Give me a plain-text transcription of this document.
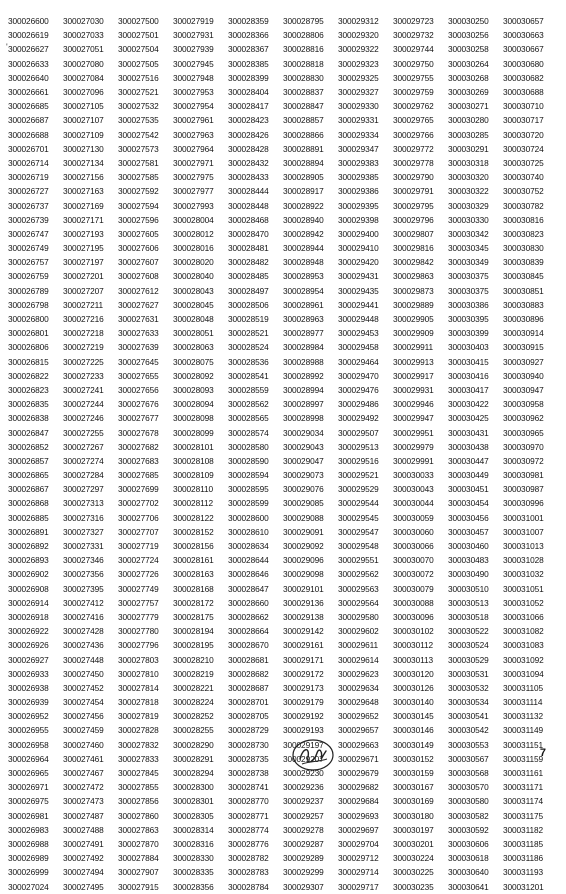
'
300026600	300027030	300027500	300027919	300028359	300028795	300029312	300029723	300030250	300030657
300026619	300027033	300027501	300027931	300028366	300028806	300029320	300029732	300030256	300030663
300026627	300027051	300027504	300027939	300028367	300028816	300029322	300029744	300030258	300030667
300026633	300027080	300027505	300027945	300028385	300028818	300029323	300029750	300030264	300030680
300026640	300027084	300027516	300027948	300028399	300028830	300029325	300029755	300030268	300030682
300026661	300027096	300027521	300027953	300028404	300028837	300029327	300029759	300030269	300030688
300026685	300027105	300027532	300027954	300028417	300028847	300029330	300029762	300030271	300030710
300026687	300027107	300027535	300027961	300028423	300028857	300029331	300029765	300030280	300030717
300026688	300027109	300027542	300027963	300028426	300028866	300029334	300029766	300030285	300030720
300026701	300027130	300027573	300027964	300028428	300028891	300029347	300029772	300030291	300030724
300026714	300027134	300027581	300027971	300028432	300028894	300029383	300029778	300030318	300030725
300026719	300027156	300027585	300027975	300028433	300028905	300029385	300029790	300030320	300030740
300026727	300027163	300027592	300027977	300028444	300028917	300029386	300029791	300030322	300030752
300026737	300027169	300027594	300027993	300028448	300028922	300029395	300029795	300030329	300030782
300026739	300027171	300027596	300028004	300028468	300028940	300029398	300029796	300030330	300030816
300026747	300027193	300027605	300028012	300028470	300028942	300029400	300029807	300030342	300030823
300026749	300027195	300027606	300028016	300028481	300028944	300029410	300029816	300030345	300030830
300026757	300027197	300027607	300028020	300028482	300028948	300029420	300029842	300030349	300030839
300026759	300027201	300027608	300028040	300028485	300028953	300029431	300029863	300030375	300030845
300026789	300027207	300027612	300028043	300028497	300028954	300029435	300029873	300030375	300030851
300026798	300027211	300027627	300028045	300028506	300028961	300029441	300029889	300030386	300030883
300026800	300027216	300027631	300028048	300028519	300028963	300029448	300029905	300030395	300030896
300026801	300027218	300027633	300028051	300028521	300028977	300029453	300029909	300030399	300030914
300026806	300027219	300027639	300028063	300028524	300028984	300029458	300029911	300030403	300030915
300026815	300027225	300027645	300028075	300028536	300028988	300029464	300029913	300030415	300030927
300026822	300027233	300027655	300028092	300028541	300028992	300029470	300029917	300030416	300030940
300026823	300027241	300027656	300028093	300028559	300028994	300029476	300029931	300030417	300030947
300026835	300027244	300027676	300028094	300028562	300028997	300029486	300029946	300030422	300030958
300026838	300027246	300027677	300028098	300028565	300028998	300029492	300029947	300030425	300030962
300026847	300027255	300027678	300028099	300028574	300029034	300029507	300029951	300030431	300030965
300026852	300027267	300027682	300028101	300028580	300029043	300029513	300029979	300030438	300030970
300026857	300027274	300027683	300028108	300028590	300029047	300029516	300029991	300030447	300030972
300026865	300027284	300027685	300028109	300028594	300029073	300029521	300030033	300030449	300030981
300026867	300027297	300027699	300028110	300028595	300029076	300029529	300030043	300030451	300030987
300026868	300027313	300027702	300028112	300028599	300029085	300029544	300030044	300030454	300030996
300026885	300027316	300027706	300028122	300028600	300029088	300029545	300030059	300030456	300031001
300026891	300027327	300027707	300028152	300028610	300029091	300029547	300030060	300030457	300031007
300026892	300027331	300027719	300028156	300028634	300029092	300029548	300030066	300030460	300031013
300026893	300027346	300027724	300028161	300028644	300029096	300029551	300030070	300030483	300031028
300026902	300027356	300027726	300028163	300028646	300029098	300029562	300030072	300030490	300031032
300026908	300027395	300027749	300028168	300028647	300029101	300029563	300030079	300030510	300031051
300026914	300027412	300027757	300028172	300028660	300029136	300029564	300030088	300030513	300031052
300026918	300027416	300027779	300028175	300028662	300029138	300029580	300030096	300030518	300031066
300026922	300027428	300027780	300028194	300028664	300029142	300029602	300030102	300030522	300031082
300026926	300027436	300027796	300028195	300028670	300029161	300029611	300030112	300030524	300031083
300026927	300027448	300027803	300028210	300028681	300029171	300029614	300030113	300030529	300031092
300026933	300027450	300027810	300028219	300028682	300029172	300029623	300030120	300030531	300031094
300026938	300027452	300027814	300028221	300028687	300029173	300029634	300030126	300030532	300031105
300026939	300027454	300027818	300028224	300028701	300029179	300029648	300030140	300030534	300031114
300026952	300027456	300027819	300028252	300028705	300029192	300029652	300030145	300030541	300031132
300026955	300027459	300027828	300028255	300028729	300029193	300029657	300030146	300030542	300031149
300026958	300027460	300027832	300028290	300028730	300029197	300029663	300030149	300030553	300031151
300026964	300027461	300027833	300028291	300028735	300029207	300029671	300030152	300030567	300031159
300026965	300027467	300027845	300028294	300028738	300029230	300029679	300030159	300030568	300031161
300026971	300027472	300027855	300028300	300028741	300029236	300029682	300030167	300030570	300031171
300026975	300027473	300027856	300028301	300028770	300029237	300029684	300030169	300030580	300031174
300026981	300027487	300027860	300028305	300028771	300029257	300029693	300030180	300030582	300031175
300026983	300027488	300027863	300028314	300028774	300029278	300029697	300030197	300030592	300031182
300026988	300027491	300027870	300028316	300028776	300029287	300029704	300030201	300030606	300031185
300026989	300027492	300027884	300028330	300028782	300029289	300029712	300030224	300030618	300031186
300026999	300027494	300027907	300028335	300028783	300029299	300029714	300030225	300030640	300031193
300027024	300027495	300027915	300028356	300028784	300029307	300029717	300030235	300030641	300031201
7
